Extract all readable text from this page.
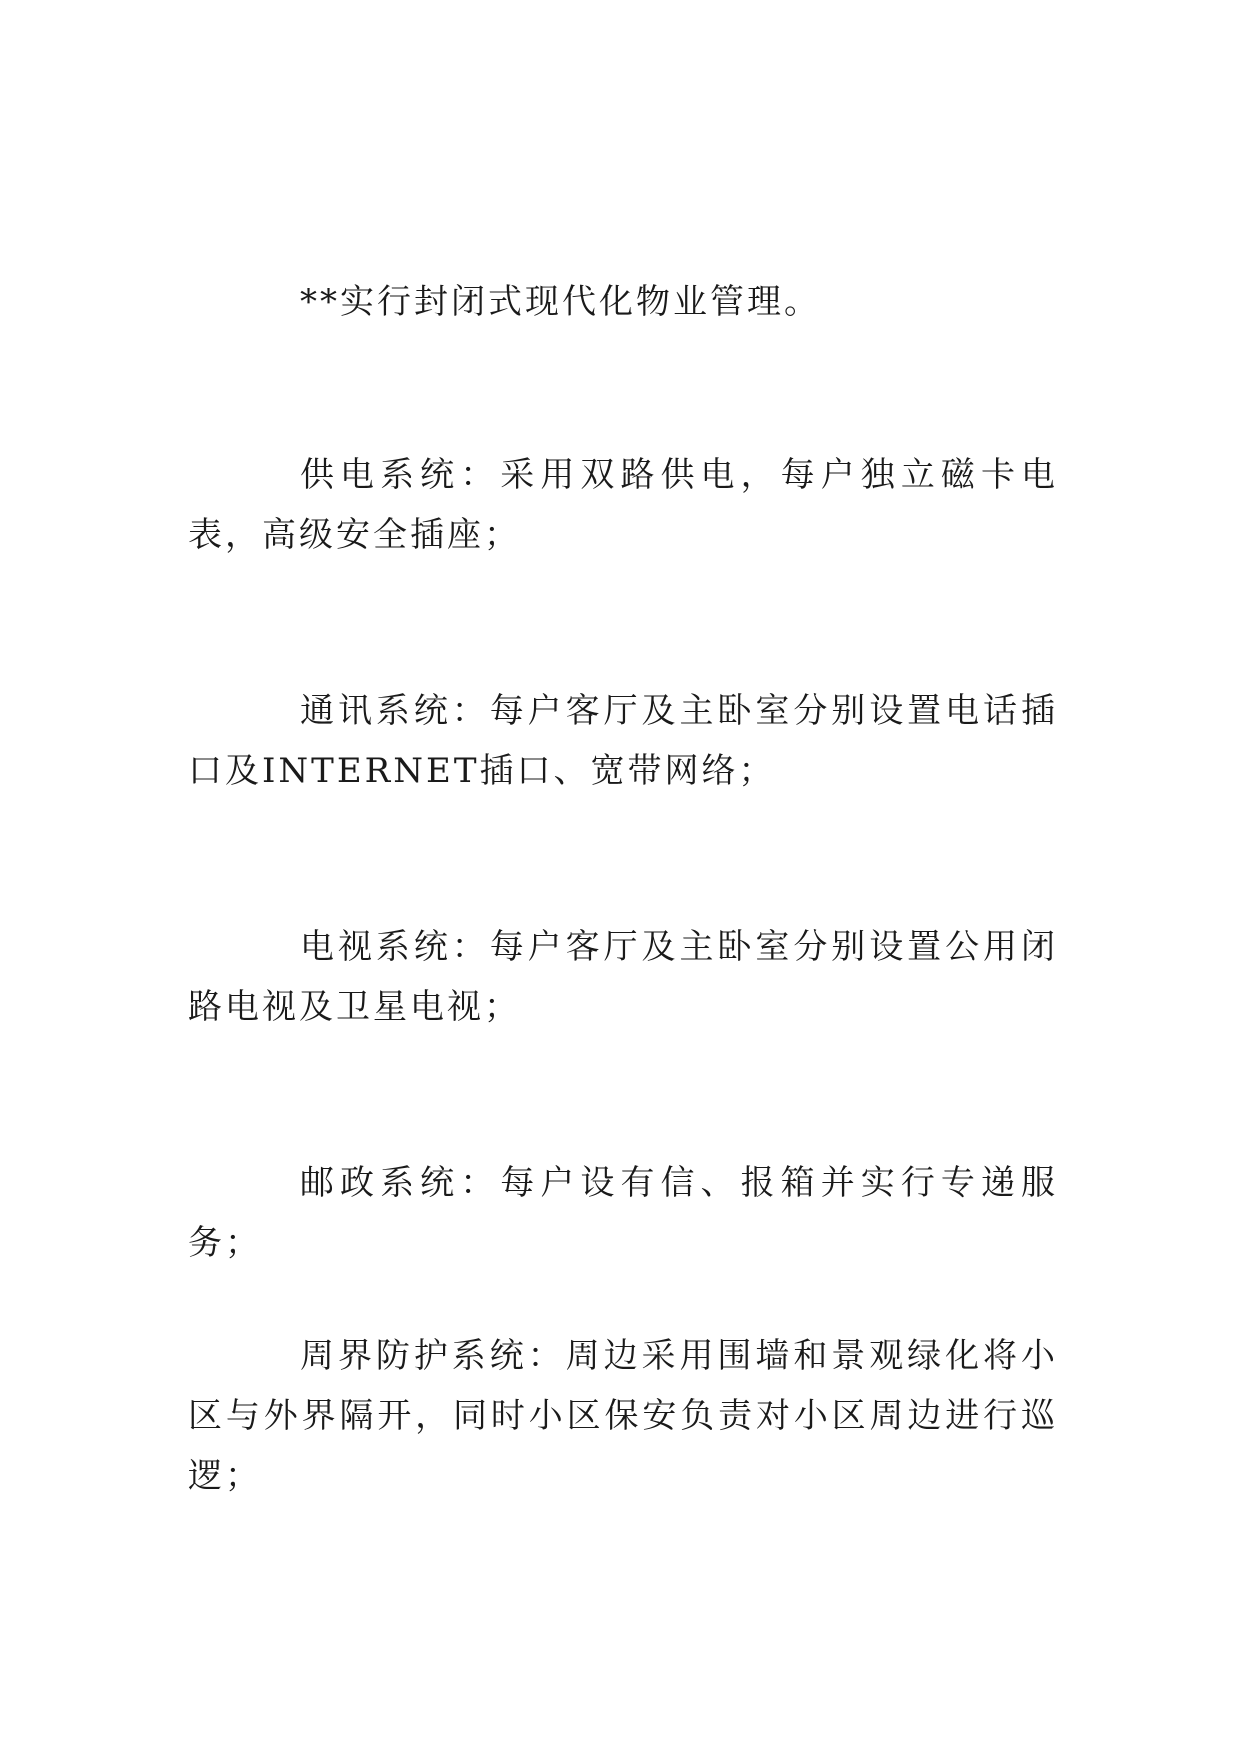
**实行封闭式现代化物业管理。

供电系统：采用双路供电，每户独立磁卡电表，高级安全插座；

通讯系统：每户客厅及主卧室分别设置电话插口及INTERNET插口、宽带网络；

电视系统：每户客厅及主卧室分别设置公用闭路电视及卫星电视；

邮政系统：每户设有信、报箱并实行专递服务；

周界防护系统：周边采用围墙和景观绿化将小区与外界隔开，同时小区保安负责对小区周边进行巡逻；
